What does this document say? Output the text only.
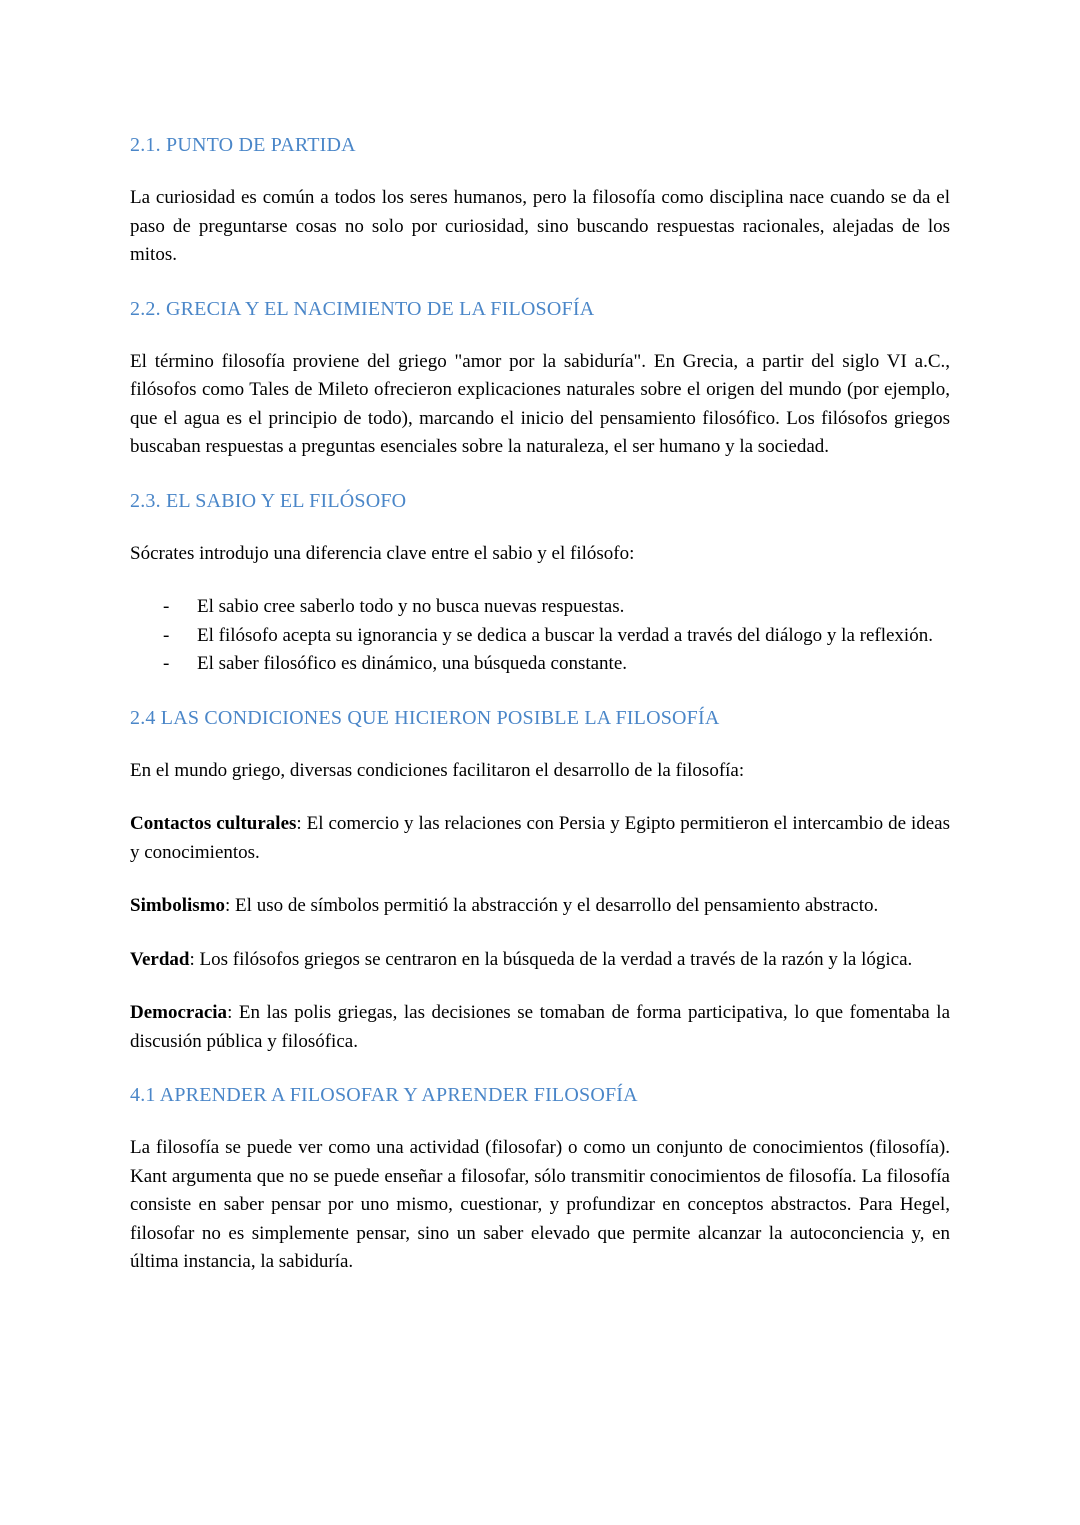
2.1. PUNTO DE PARTIDA

La curiosidad es común a todos los seres humanos, pero la filosofía como disciplina nace cuando se da el paso de preguntarse cosas no solo por curiosidad, sino buscando respuestas racionales, alejadas de los mitos.

2.2. GRECIA Y EL NACIMIENTO DE LA FILOSOFÍA

El término filosofía proviene del griego "amor por la sabiduría". En Grecia, a partir del siglo VI a.C., filósofos como Tales de Mileto ofrecieron explicaciones naturales sobre el origen del mundo (por ejemplo, que el agua es el principio de todo), marcando el inicio del pensamiento filosófico. Los filósofos griegos buscaban respuestas a preguntas esenciales sobre la naturaleza, el ser humano y la sociedad.

2.3. EL SABIO Y EL FILÓSOFO

Sócrates introdujo una diferencia clave entre el sabio y el filósofo:

-	El sabio cree saberlo todo y no busca nuevas respuestas.
-	El filósofo acepta su ignorancia y se dedica a buscar la verdad a través del diálogo y la reflexión.
-	El saber filosófico es dinámico, una búsqueda constante.
2.4 LAS CONDICIONES QUE HICIERON POSIBLE LA FILOSOFÍA

En el mundo griego, diversas condiciones facilitaron el desarrollo de la filosofía:

Contactos culturales: El comercio y las relaciones con Persia y Egipto permitieron el intercambio de ideas y conocimientos.

Simbolismo: El uso de símbolos permitió la abstracción y el desarrollo del pensamiento abstracto.

Verdad: Los filósofos griegos se centraron en la búsqueda de la verdad a través de la razón y la lógica.

Democracia: En las polis griegas, las decisiones se tomaban de forma participativa, lo que fomentaba la discusión pública y filosófica.

4.1 APRENDER A FILOSOFAR Y APRENDER FILOSOFÍA

La filosofía se puede ver como una actividad (filosofar) o como un conjunto de conocimientos (filosofía). Kant argumenta que no se puede enseñar a filosofar, sólo transmitir conocimientos de filosofía. La filosofía consiste en saber pensar por uno mismo, cuestionar, y profundizar en conceptos abstractos. Para Hegel, filosofar no es simplemente pensar, sino un saber elevado que permite alcanzar la autoconciencia y, en última instancia, la sabiduría.
